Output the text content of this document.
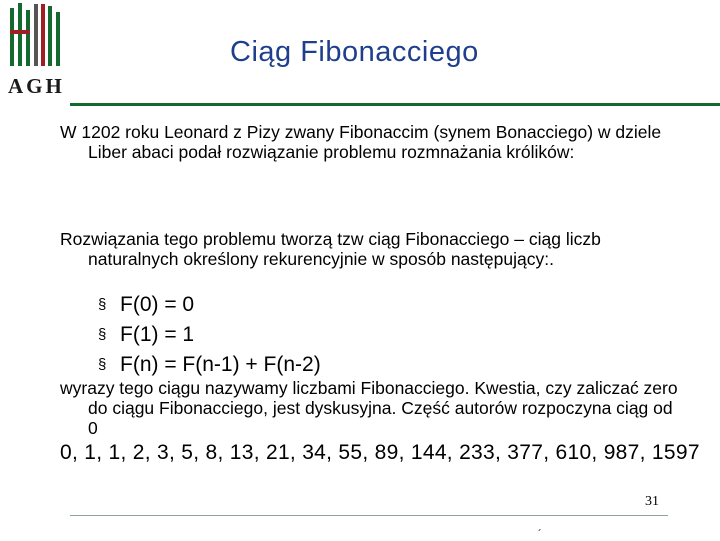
AGH
Ciąg Fibonacciego
W 1202 roku Leonard z Pizy zwany Fibonaccim (synem Bonacciego) w dziele Liber abaci podał rozwiązanie problemu rozmnażania królików:
Rozwiązania tego problemu tworzą tzw ciąg Fibonacciego – ciąg liczb naturalnych określony rekurencyjnie w sposób następujący:.
§ F(0) = 0
§ F(1) = 1
§ F(n) = F(n-1) + F(n-2)
wyrazy tego ciągu nazywamy liczbami Fibonacciego. Kwestia, czy zaliczać zero do ciągu Fibonacciego, jest dyskusyjna. Część autorów rozpoczyna ciąg od 0
0, 1, 1, 2, 3, 5, 8, 13, 21, 34, 55, 89, 144, 233, 377, 610, 987, 1597
31
´
